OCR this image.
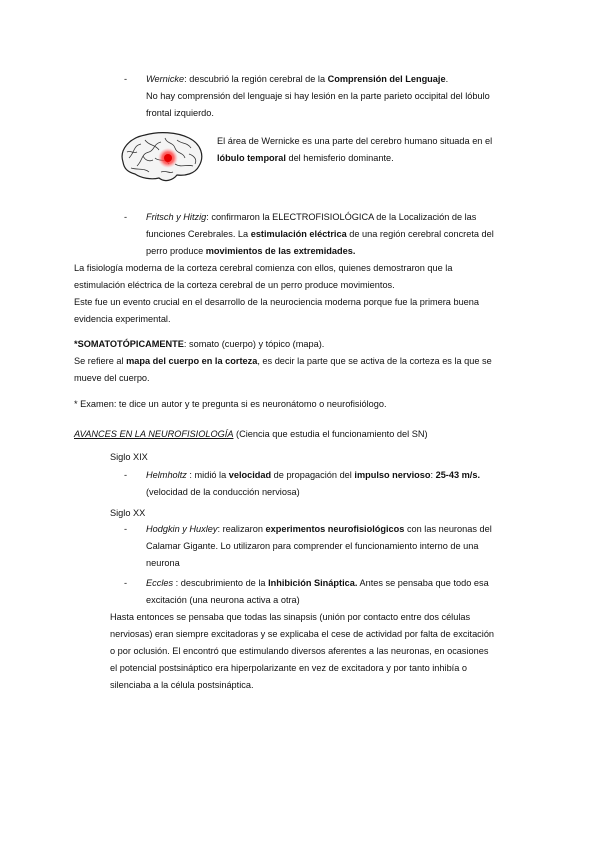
- Wernicke: descubrió la región cerebral de la Comprensión del Lenguaje.

No hay comprensión del lenguaje si hay lesión en la parte parieto occipital del lóbulo

frontal izquierdo.

El área de Wernicke es una parte del cerebro humano situada en el

lóbulo temporal del hemisferio dominante.

- Fritsch y Hitzig: confirmaron la ELECTROFISIOLÓGICA de la Localización de las

funciones Cerebrales. La estimulación eléctrica de una región cerebral concreta del

perro produce movimientos de las extremidades.

La fisiología moderna de la corteza cerebral comienza con ellos, quienes demostraron que la

estimulación eléctrica de la corteza cerebral de un perro produce movimientos.

Este fue un evento crucial en el desarrollo de la neurociencia moderna porque fue la primera buena

evidencia experimental.

*SOMATOTÓPICAMENTE: somato (cuerpo) y tópico (mapa).

Se refiere al mapa del cuerpo en la corteza, es decir la parte que se activa de la corteza es la que se

mueve del cuerpo.

* Examen: te dice un autor y te pregunta si es neuronátomo o neurofisiólogo.
AVANCES EN LA NEUROFISIOLOGÍA (Ciencia que estudia el funcionamiento del SN)
Siglo XIX
- Helmholtz : midió la velocidad de propagación del impulso nervioso: 25-43 m/s.

(velocidad de la conducción nerviosa)

Siglo XX
- Hodgkin y Huxley: realizaron experimentos neurofisiológicos con las neuronas del

Calamar Gigante. Lo utilizaron para comprender el funcionamiento interno de una

neurona

- Eccles : descubrimiento de la Inhibición Sináptica. Antes se pensaba que todo esa

excitación (una neurona activa a otra)

Hasta entonces se pensaba que todas las sinapsis (unión por contacto entre dos células

nerviosas) eran siempre excitadoras y se explicaba el cese de actividad por falta de excitación

o por oclusión. El encontró que estimulando diversos aferentes a las neuronas, en ocasiones

el potencial postsináptico era hiperpolarizante en vez de excitadora y por tanto inhibía o

silenciaba a la célula postsináptica.
